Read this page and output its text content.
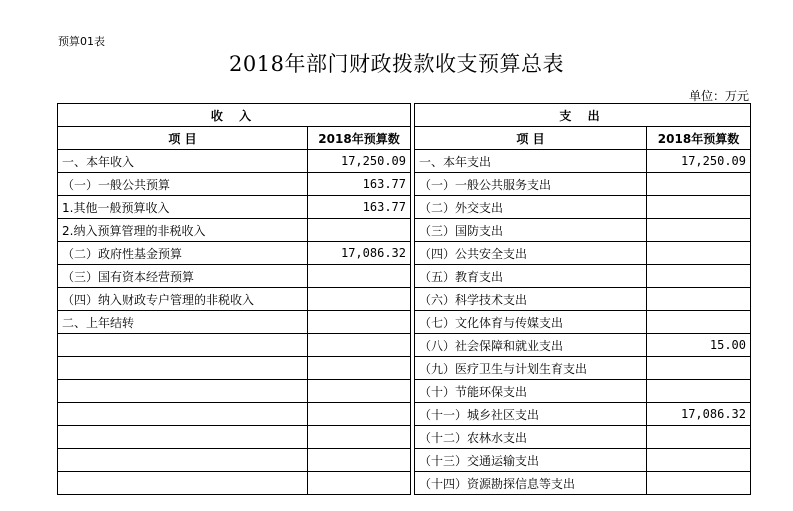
预算01表
2018年部门财政拨款收支预算总表
单位：万元
收 入			支 出	
项 目	2018年预算数		项 目	2018年预算数
一、本年收入	17,250.09		一、本年支出	17,250.09
（一）一般公共预算	163.77		（一）一般公共服务支出	
1.其他一般预算收入	163.77		（二）外交支出	
2.纳入预算管理的非税收入			（三）国防支出	
（二）政府性基金预算	17,086.32		（四）公共安全支出	
（三）国有资本经营预算			（五）教育支出	
（四）纳入财政专户管理的非税收入			（六）科学技术支出	
二、上年结转			（七）文化体育与传媒支出	
			（八）社会保障和就业支出	15.00
			（九）医疗卫生与计划生育支出	
			（十）节能环保支出	
			（十一）城乡社区支出	17,086.32
			（十二）农林水支出	
			（十三）交通运输支出	
			（十四）资源勘探信息等支出	
